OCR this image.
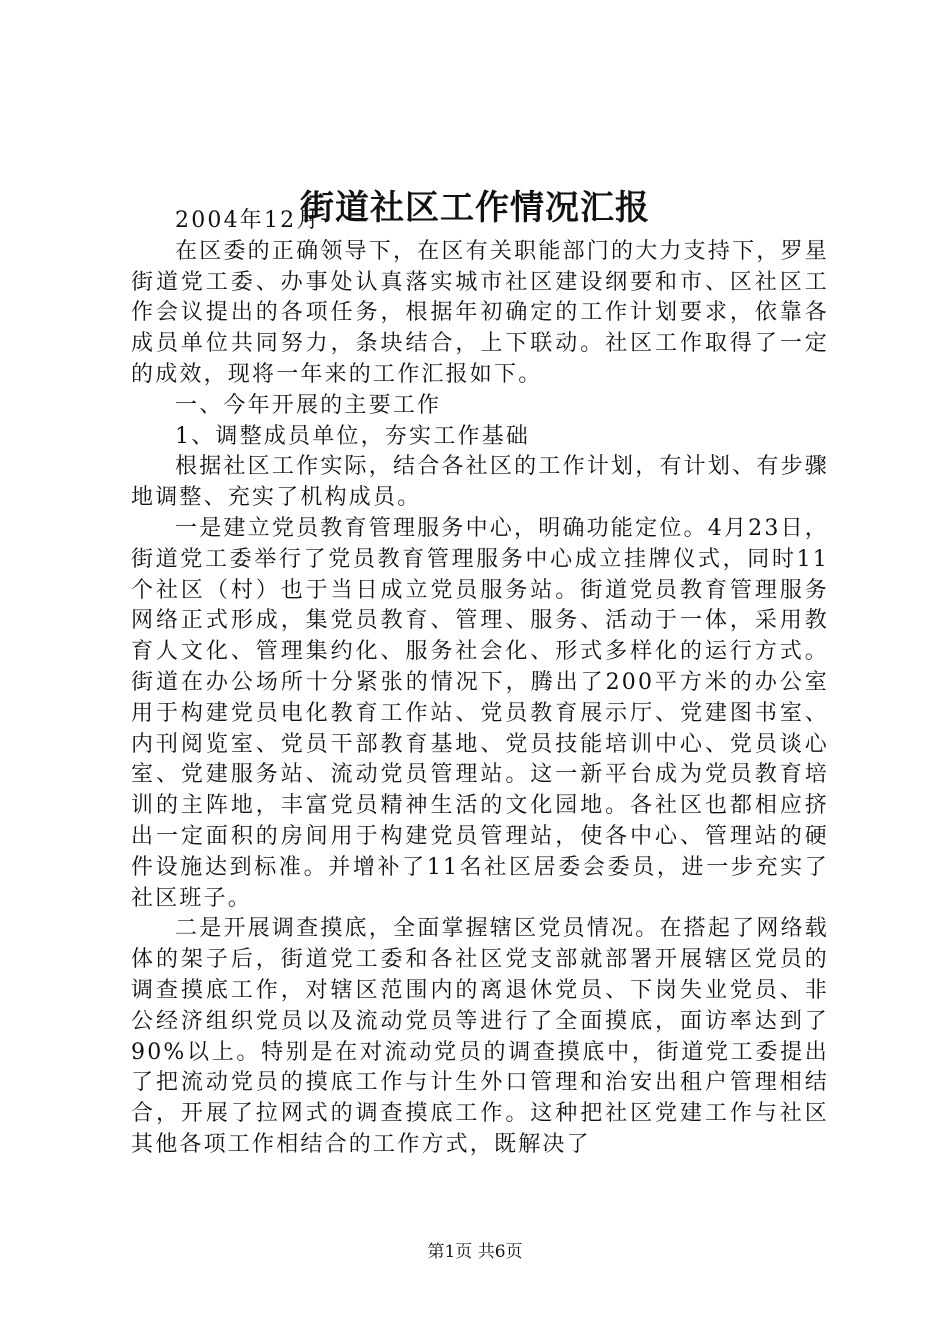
街道社区工作情况汇报

2004年12月

在区委的正确领导下，在区有关职能部门的大力支持下，罗星街道党工委、办事处认真落实城市社区建设纲要和市、区社区工作会议提出的各项任务，根据年初确定的工作计划要求，依靠各成员单位共同努力，条块结合，上下联动。社区工作取得了一定的成效，现将一年来的工作汇报如下。

一、今年开展的主要工作

1、调整成员单位，夯实工作基础

根据社区工作实际，结合各社区的工作计划，有计划、有步骤地调整、充实了机构成员。

一是建立党员教育管理服务中心，明确功能定位。4月23日，街道党工委举行了党员教育管理服务中心成立挂牌仪式，同时11个社区（村）也于当日成立党员服务站。街道党员教育管理服务网络正式形成，集党员教育、管理、服务、活动于一体，采用教育人文化、管理集约化、服务社会化、形式多样化的运行方式。街道在办公场所十分紧张的情况下，腾出了200平方米的办公室用于构建党员电化教育工作站、党员教育展示厅、党建图书室、内刊阅览室、党员干部教育基地、党员技能培训中心、党员谈心室、党建服务站、流动党员管理站。这一新平台成为党员教育培训的主阵地，丰富党员精神生活的文化园地。各社区也都相应挤出一定面积的房间用于构建党员管理站，使各中心、管理站的硬件设施达到标准。并增补了11名社区居委会委员，进一步充实了社区班子。

二是开展调查摸底，全面掌握辖区党员情况。在搭起了网络载体的架子后，街道党工委和各社区党支部就部署开展辖区党员的调查摸底工作，对辖区范围内的离退休党员、下岗失业党员、非公经济组织党员以及流动党员等进行了全面摸底，面访率达到了90%以上。特别是在对流动党员的调查摸底中，街道党工委提出了把流动党员的摸底工作与计生外口管理和治安出租户管理相结合，开展了拉网式的调查摸底工作。这种把社区党建工作与社区其他各项工作相结合的工作方式，既解决了

第1页 共6页
